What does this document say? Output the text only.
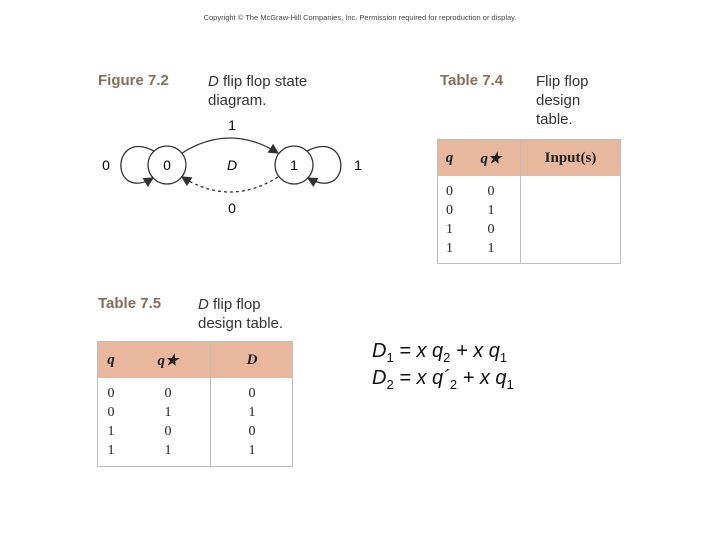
Copyright © The McGraw-Hill Companies, Inc. Permission required for reproduction or display.
Figure 7.2	D flip flop state
diagram.
0	D	1
1
0
0	1
Table 7.4 Flip flop
design
table.
q	q★	Input(s)

0	0	
0	1	
1	0	
1	1	
Table 7.5 D flip flop
design table.
q	q★	D

0	0	0
0	1	1
1	0	0
1	1	1
$D_1 = x$ $q_2 + x$ $q_1$
$D_2 = x$ $q´_2 + x$ $q_1$
